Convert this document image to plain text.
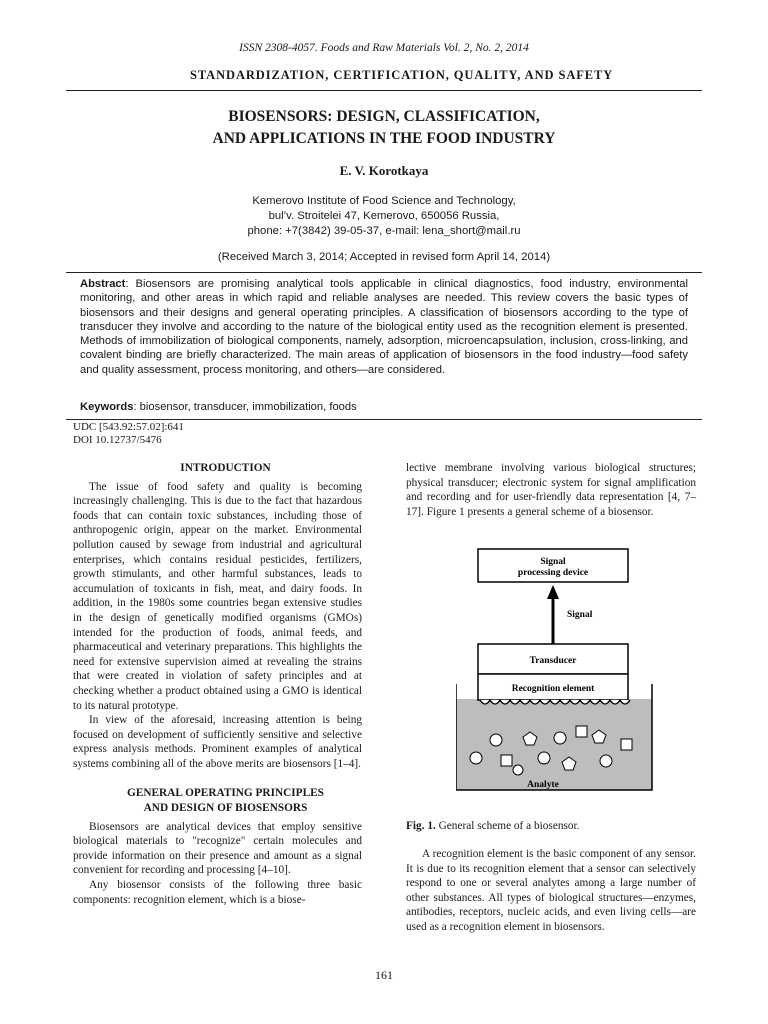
ISSN 2308-4057. Foods and Raw Materials Vol. 2, No. 2, 2014
STANDARDIZATION, CERTIFICATION, QUALITY, AND SAFETY
BIOSENSORS: DESIGN, CLASSIFICATION,
AND APPLICATIONS IN THE FOOD INDUSTRY
E. V. Korotkaya
Kemerovo Institute of Food Science and Technology,
bul’v. Stroitelei 47, Kemerovo, 650056 Russia,
phone: +7(3842) 39-05-37, e-mail: lena_short@mail.ru
(Received March 3, 2014; Accepted in revised form April 14, 2014)
Abstract: Biosensors are promising analytical tools applicable in clinical diagnostics, food industry, environmental monitoring, and other areas in which rapid and reliable analyses are needed. This review covers the basic types of biosensors and their designs and general operating principles. A classification of biosensors according to the type of transducer they involve and according to the nature of the biological entity used as the recognition element is presented. Methods of immobilization of biological components, namely, adsorption, microencapsulation, inclusion, cross-linking, and covalent binding are briefly characterized. The main areas of application of biosensors in the food industry—food safety and quality assessment, process monitoring, and others—are considered.
Keywords: biosensor, transducer, immobilization, foods
UDC [543.92:57.02]:641
DOI 10.12737/5476

INTRODUCTION

The issue of food safety and quality is becoming increasingly challenging. This is due to the fact that hazardous foods that can contain toxic substances, including those of anthropogenic origin, appear on the market. Environmental pollution caused by sewage from industrial and agricultural enterprises, which contains residual pesticides, fertilizers, growth stimulants, and other harmful substances, leads to accumulation of toxicants in fish, meat, and dairy foods. In addition, in the 1980s some countries began extensive studies in the design of genetically modified organisms (GMOs) intended for the production of foods, animal feeds, and pharmaceutical and veterinary preparations. This highlights the need for extensive supervision aimed at revealing the strains that were created in violation of safety principles and at checking whether a product obtained using a GMO is identical to its natural prototype.

In view of the aforesaid, increasing attention is being focused on development of sufficiently sensitive and selective express analysis methods. Prominent examples of analytical systems combining all of the above merits are biosensors [1–4].

GENERAL OPERATING PRINCIPLES

AND DESIGN OF BIOSENSORS

Biosensors are analytical devices that employ sensitive biological materials to "recognize" certain molecules and provide information on their presence and amount as a signal convenient for recording and processing [4–10].

Any biosensor consists of the following three basic components: recognition element, which is a biose-

lective membrane involving various biological structures; physical transducer; electronic system for signal amplification and recording and for user-friendly data representation [4, 7–17]. Figure 1 presents a general scheme of a biosensor.

Signal
processing device
Signal
Transducer
Recognition element
Analyte
Fig. 1. General scheme of a biosensor.

A recognition element is the basic component of any sensor. It is due to its recognition element that a sensor can selectively respond to one or several analytes among a large number of other substances. All types of biological structures—enzymes, antibodies, receptors, nucleic acids, and even living cells—are used as a recognition element in biosensors.

161
